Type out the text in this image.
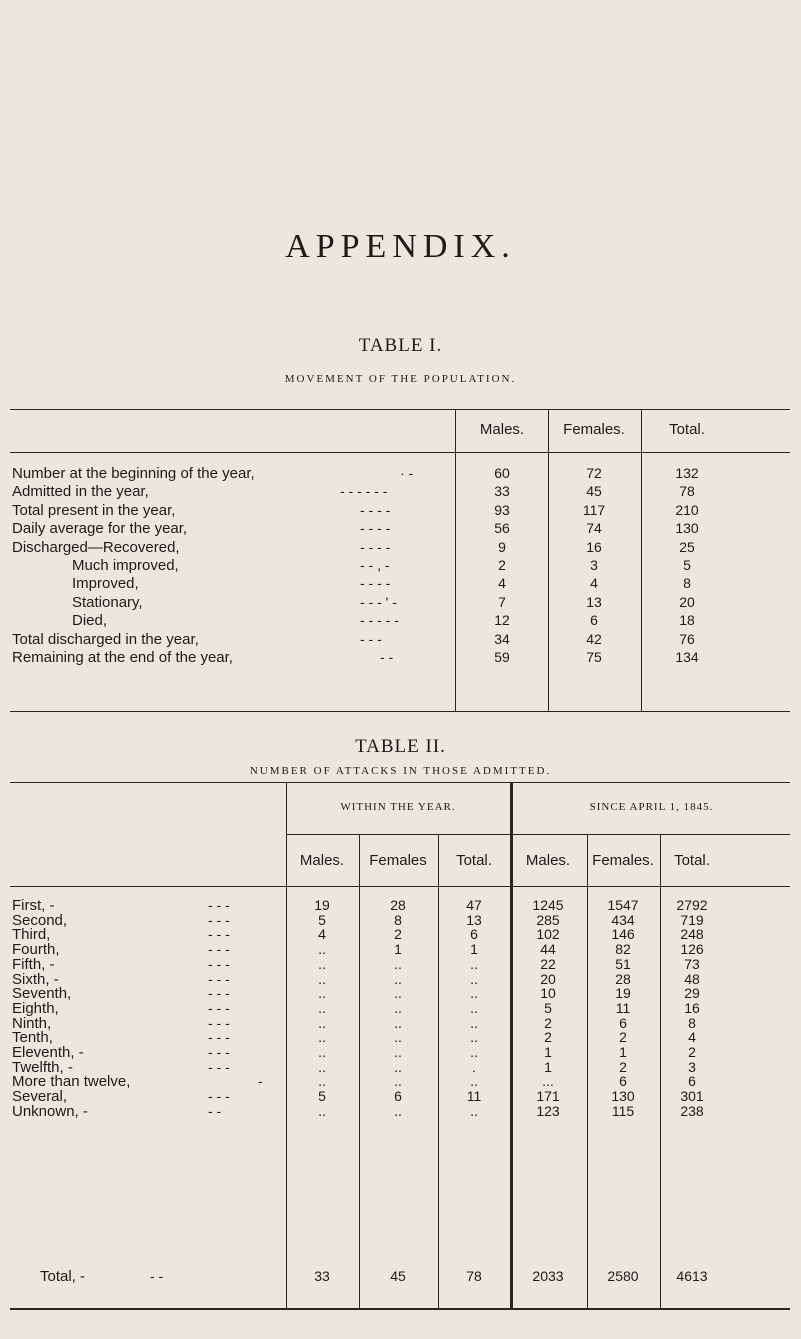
APPENDIX.
TABLE I.
MOVEMENT OF THE POPULATION.
Males.	Females.	Total.
Number at the beginning of the year,	· -	60	72	132
Admitted in the year,	- - - - - -	33	45	78
Total present in the year,	- - - -	93	117	210
Daily average for the year,	- - - -	56	74	130
Discharged—Recovered,	- - - -	9	16	25
Much improved,	- - , -	2	3	5
Improved,	- - - -	4	4	8
Stationary,	- - - ' -	7	13	20
Died,	- - - - -	12	6	18
Total discharged in the year,	- - -	34	42	76
Remaining at the end of the year,	- -	59	75	134
TABLE II.
NUMBER OF ATTACKS IN THOSE ADMITTED.
WITHIN THE YEAR.	SINCE APRIL 1, 1845.
Males.	Females	Total.	Males.	Females.	Total.
First, -	- - -	19	28	47	1245	1547	2792
Second,	- - -	5	8	13	285	434	719
Third,	- - -	4	2	6	102	146	248
Fourth,	- - -	..	1	1	44	82	126
Fifth, -	- - -	..	..	..	22	51	73
Sixth, -	- - -	..	..	..	20	28	48
Seventh,	- - -	..	..	..	10	19	29
Eighth,	- - -	..	..	..	5	11	16
Ninth,	- - -	..	..	..	2	6	8
Tenth,	- - -	..	..	..	2	2	4
Eleventh, -	- - -	..	..	..	1	1	2
Twelfth, -	- - -	..	..	.	1	2	3
More than twelve,	-	..	..	..	...	6	6
Several,	- - -	5	6	11	171	130	301
Unknown, -	- -	..	..	..	123	115	238
Total, -	- -	33	45	78	2033	2580	4613
